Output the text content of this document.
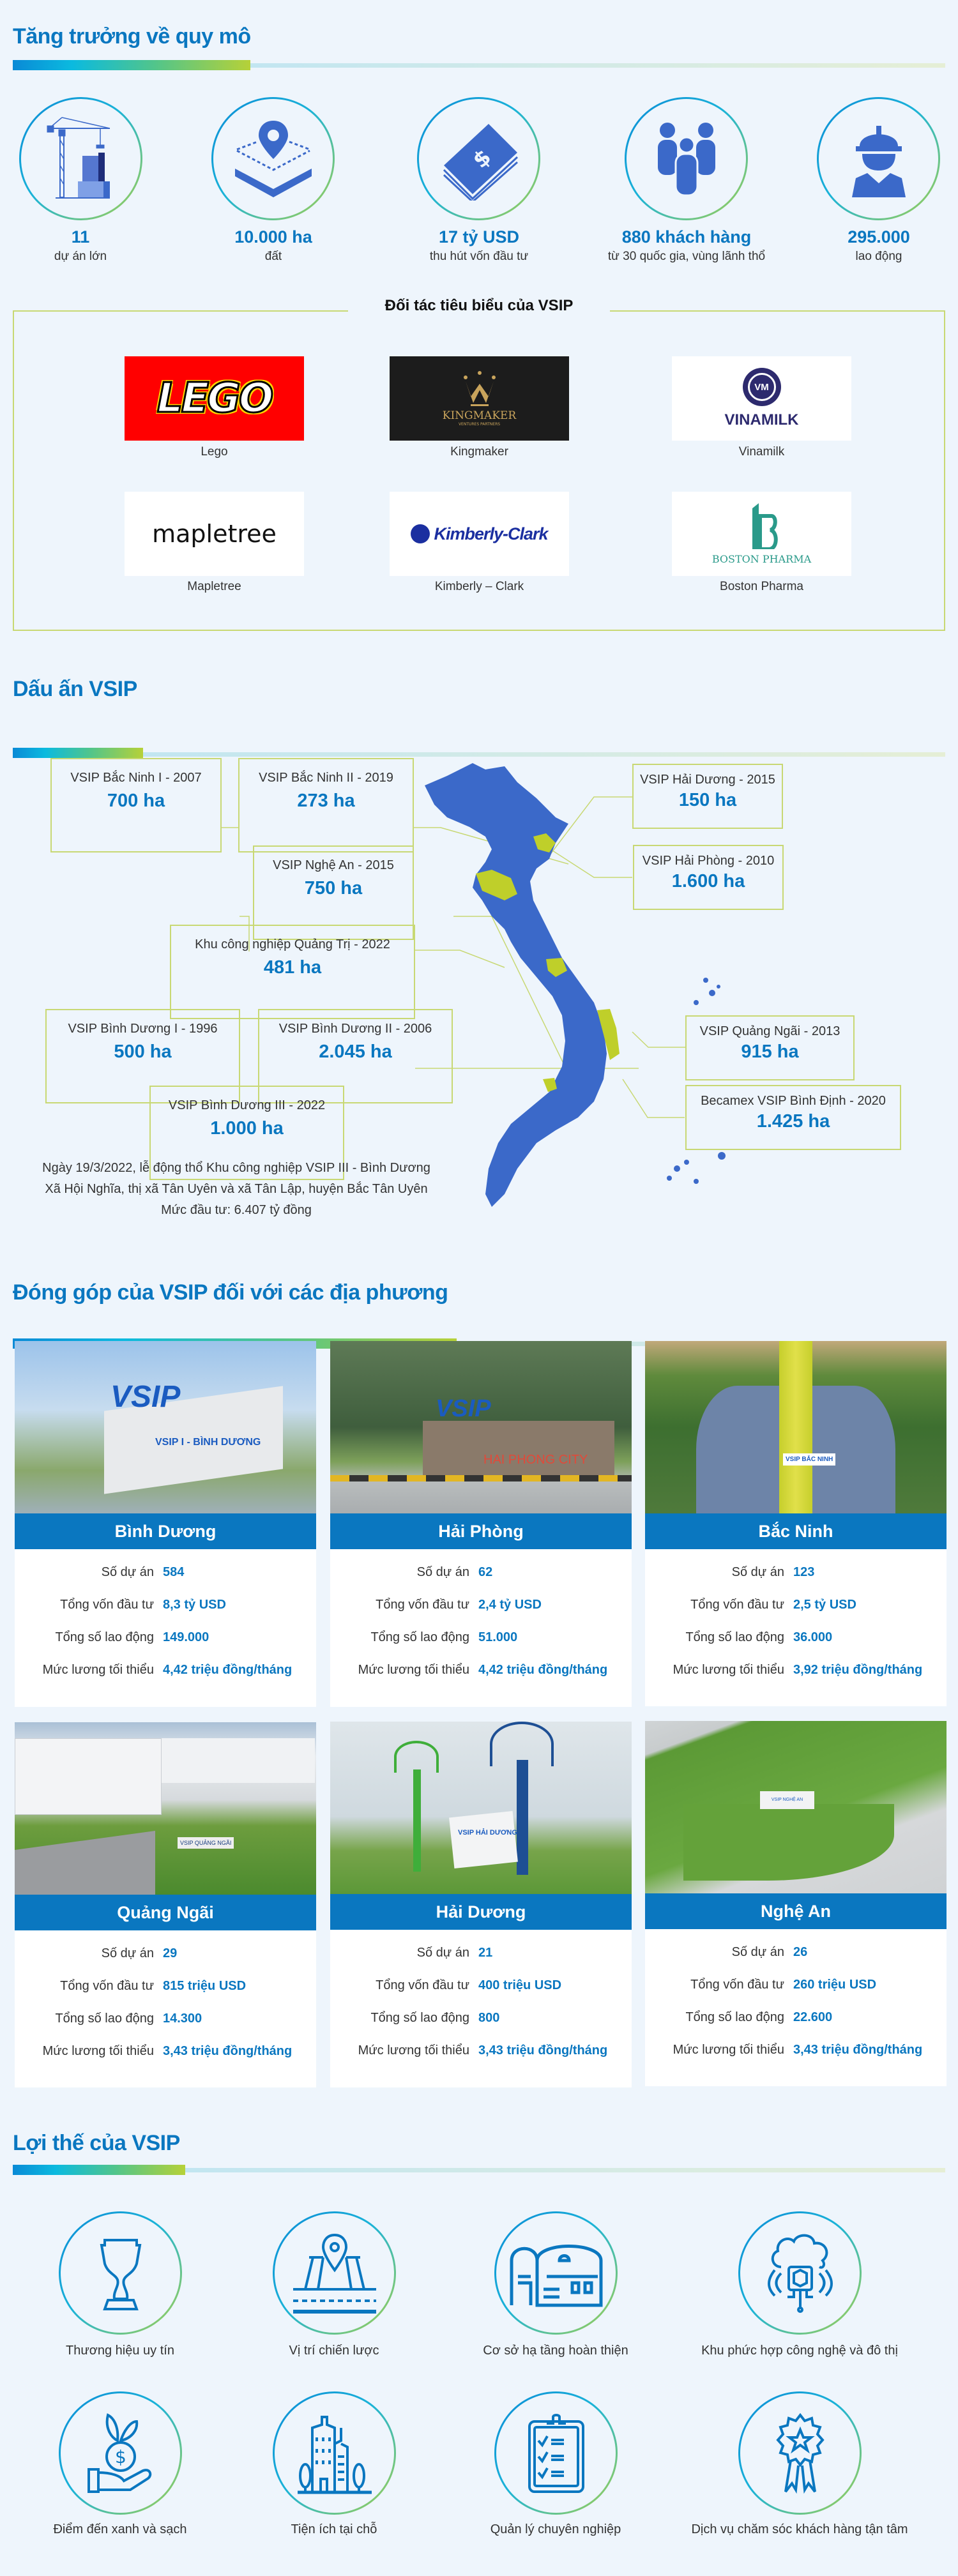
Tăng trưởng về quy mô
11
dự án lớn
10.000 ha
đất
$
17 tỷ USD
thu hút vốn đầu tư
880 khách hàng
từ 30 quốc gia, vùng lãnh thổ
295.000
lao động
Đối tác tiêu biểu của VSIP
LEGO
Lego
KINGMAKER
VENTURES PARTNERS
Kingmaker
VM
VINAMILK
Vinamilk
mapletree
Mapletree
Kimberly-Clark
Kimberly – Clark
BOSTON PHARMA
Boston Pharma
Dấu ấn VSIP
VSIP Bắc Ninh I - 2007
700 ha
VSIP Bắc Ninh II - 2019
273 ha
VSIP Nghệ An - 2015
750 ha
Khu công nghiệp Quảng Trị - 2022
481 ha
VSIP Bình Dương I - 1996
500 ha
VSIP Bình Dương II - 2006
2.045 ha
VSIP Bình Dương III - 2022
1.000 ha
VSIP Hải Dương - 2015
150 ha
VSIP Hải Phòng - 2010
1.600 ha
VSIP Quảng Ngãi - 2013
915 ha
Becamex VSIP Bình Định - 2020
1.425 ha
Ngày 19/3/2022, lễ động thổ Khu công nghiệp VSIP III - Bình Dương
Xã Hội Nghĩa, thị xã Tân Uyên và xã Tân Lập, huyện Bắc Tân Uyên
Mức đầu tư: 6.407 tỷ đồng
Đóng góp của VSIP đối với các địa phương
VSIP
VSIP I - BÌNH DƯƠNG
Bình Dương
Số dự án 584
Tổng vốn đầu tư 8,3 tỷ USD
Tổng số lao động 149.000
Mức lương tối thiểu 4,42 triệu đồng/tháng
VSIP
HAI PHONG CITY
Hải Phòng
Số dự án 62
Tổng vốn đầu tư 2,4 tỷ USD
Tổng số lao động 51.000
Mức lương tối thiểu 4,42 triệu đồng/tháng
VSIP BẮC NINH
Bắc Ninh
Số dự án 123
Tổng vốn đầu tư 2,5 tỷ USD
Tổng số lao động 36.000
Mức lương tối thiểu 3,92 triệu đồng/tháng
VSIP QUẢNG NGÃI
Quảng Ngãi
Số dự án 29
Tổng vốn đầu tư 815 triệu USD
Tổng số lao động 14.300
Mức lương tối thiểu 3,43 triệu đồng/tháng
VSIP HẢI DƯƠNG
Hải Dương
Số dự án 21
Tổng vốn đầu tư 400 triệu USD
Tổng số lao động 800
Mức lương tối thiểu 3,43 triệu đồng/tháng
VSIP NGHỆ AN
Nghệ An
Số dự án 26
Tổng vốn đầu tư 260 triệu USD
Tổng số lao động 22.600
Mức lương tối thiểu 3,43 triệu đồng/tháng
Lợi thế của VSIP
Thương hiệu uy tín	Vị trí chiến lược	Cơ sở hạ tầng hoàn thiện	Khu phức hợp công nghệ và đô thị
$
Điểm đến xanh và sạch	Tiện ích tại chỗ	Quản lý chuyên nghiệp	Dịch vụ chăm sóc khách hàng tận tâm
